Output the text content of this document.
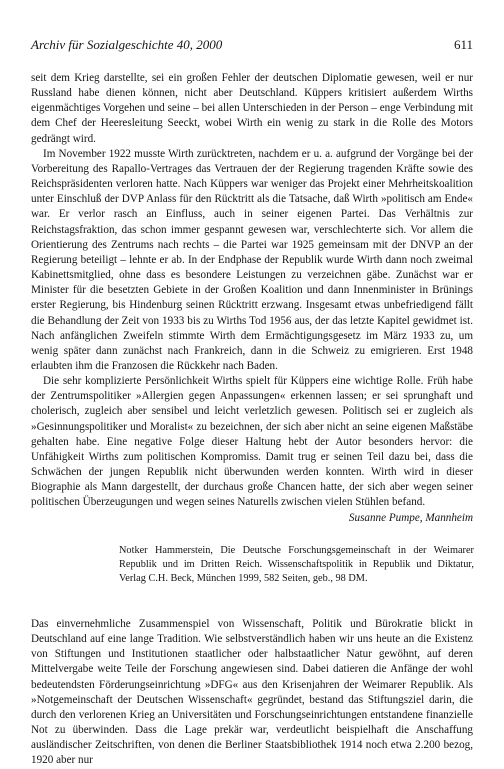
Archiv für Sozialgeschichte 40, 2000	611

seit dem Krieg darstellte, sei ein großen Fehler der deutschen Diplomatie gewesen, weil er nur Russland habe dienen können, nicht aber Deutschland. Küppers kritisiert außerdem Wirths eigenmächtiges Vorgehen und seine – bei allen Unterschieden in der Person – enge Verbindung mit dem Chef der Heeresleitung Seeckt, wobei Wirth ein wenig zu stark in die Rolle des Motors gedrängt wird.

Im November 1922 musste Wirth zurücktreten, nachdem er u. a. aufgrund der Vorgänge bei der Vorbereitung des Rapallo-Vertrages das Vertrauen der der Regierung tragenden Kräfte sowie des Reichspräsidenten verloren hatte. Nach Küppers war weniger das Projekt einer Mehrheitskoalition unter Einschluß der DVP Anlass für den Rücktritt als die Tatsache, daß Wirth »politisch am Ende« war. Er verlor rasch an Einfluss, auch in seiner eigenen Partei. Das Verhältnis zur Reichstagsfraktion, das schon immer gespannt gewesen war, verschlechterte sich. Vor allem die Orientierung des Zentrums nach rechts – die Partei war 1925 gemeinsam mit der DNVP an der Regierung beteiligt – lehnte er ab. In der Endphase der Republik wurde Wirth dann noch zweimal Kabinettsmitglied, ohne dass es besondere Leistungen zu verzeichnen gäbe. Zunächst war er Minister für die besetzten Gebiete in der Großen Koalition und dann Innenminister in Brünings erster Regierung, bis Hindenburg seinen Rücktritt erzwang. Insgesamt etwas unbefriedigend fällt die Behandlung der Zeit von 1933 bis zu Wirths Tod 1956 aus, der das letzte Kapitel gewidmet ist. Nach anfänglichen Zweifeln stimmte Wirth dem Ermächtigungsgesetz im März 1933 zu, um wenig später dann zunächst nach Frankreich, dann in die Schweiz zu emigrieren. Erst 1948 erlaubten ihm die Franzosen die Rückkehr nach Baden.

Die sehr komplizierte Persönlichkeit Wirths spielt für Küppers eine wichtige Rolle. Früh habe der Zentrumspolitiker »Allergien gegen Anpassungen« erkennen lassen; er sei sprunghaft und cholerisch, zugleich aber sensibel und leicht verletzlich gewesen. Politisch sei er zugleich als »Gesinnungspolitiker und Moralist« zu bezeichnen, der sich aber nicht an seine eigenen Maßstäbe gehalten habe. Eine negative Folge dieser Haltung hebt der Autor besonders hervor: die Unfähigkeit Wirths zum politischen Kompromiss. Damit trug er seinen Teil dazu bei, dass die Schwächen der jungen Republik nicht überwunden werden konnten. Wirth wird in dieser Biographie als Mann dargestellt, der durchaus große Chancen hatte, der sich aber wegen seiner politischen Überzeugungen und wegen seines Naturells zwischen vielen Stühlen befand.

Susanne Pumpe, Mannheim

Notker Hammerstein, Die Deutsche Forschungsgemeinschaft in der Weimarer Republik und im Dritten Reich. Wissenschaftspolitik in Republik und Diktatur, Verlag C.H. Beck, München 1999, 582 Seiten, geb., 98 DM.

Das einvernehmliche Zusammenspiel von Wissenschaft, Politik und Bürokratie blickt in Deutschland auf eine lange Tradition. Wie selbstverständlich haben wir uns heute an die Existenz von Stiftungen und Institutionen staatlicher oder halbstaatlicher Natur gewöhnt, auf deren Mittelvergabe weite Teile der Forschung angewiesen sind. Dabei datieren die Anfänge der wohl bedeutendsten Förderungseinrichtung »DFG« aus den Krisenjahren der Weimarer Republik. Als »Notgemeinschaft der Deutschen Wissenschaft« gegründet, bestand das Stiftungsziel darin, die durch den verlorenen Krieg an Universitäten und Forschungseinrichtungen entstandene finanzielle Not zu überwinden. Dass die Lage prekär war, verdeutlicht beispielhaft die Anschaffung ausländischer Zeitschriften, von denen die Berliner Staatsbibliothek 1914 noch etwa 2.200 bezog, 1920 aber nur
